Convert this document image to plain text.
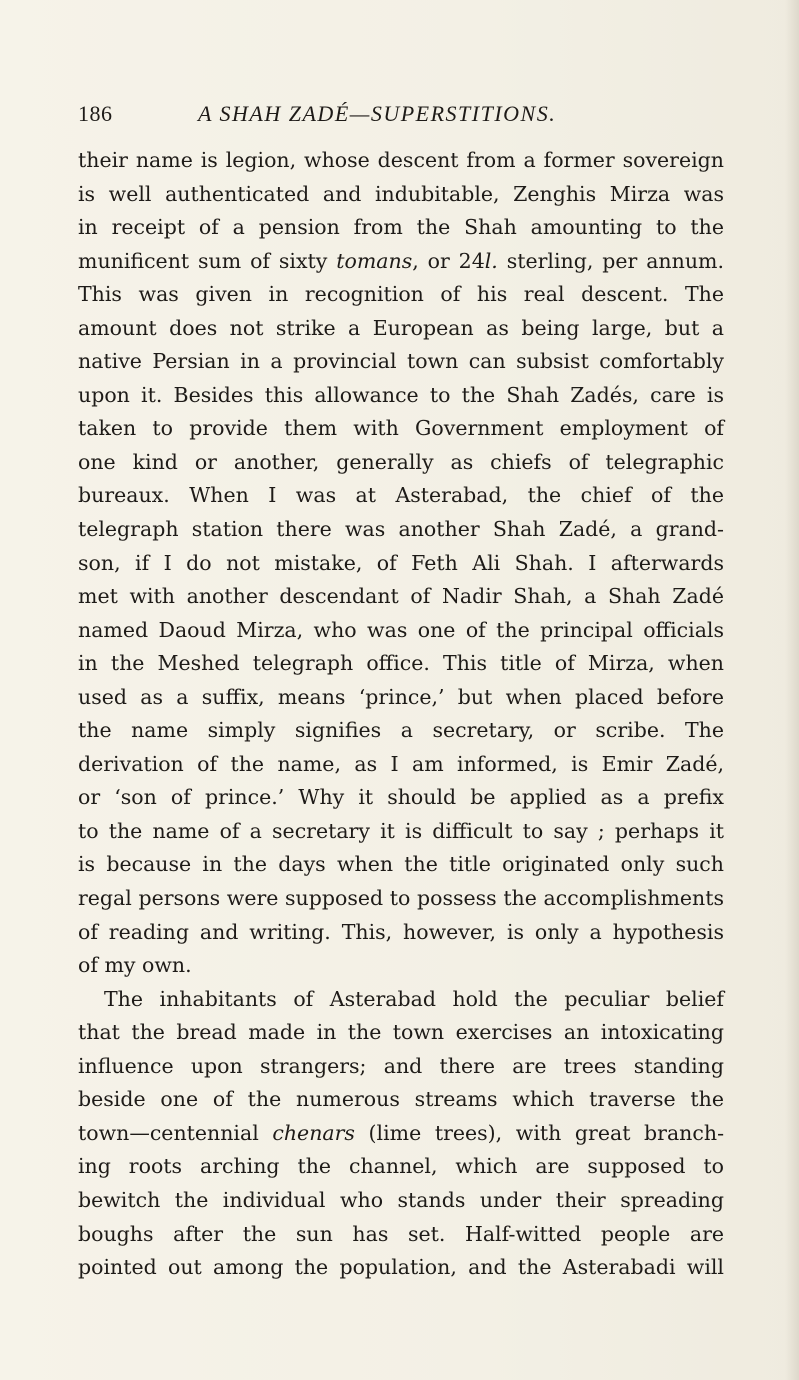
186	A SHAH ZADÉ—SUPERSTITIONS.
their name is legion, whose descent from a former sovereign
is well authenticated and indubitable, Zenghis Mirza was
in receipt of a pension from the Shah amounting to the
munificent sum of sixty tomans, or 24l. sterling, per annum.
This was given in recognition of his real descent. The
amount does not strike a European as being large, but a
native Persian in a provincial town can subsist comfortably
upon it. Besides this allowance to the Shah Zadés, care is
taken to provide them with Government employment of
one kind or another, generally as chiefs of telegraphic
bureaux. When I was at Asterabad, the chief of the
telegraph station there was another Shah Zadé, a grand-
son, if I do not mistake, of Feth Ali Shah. I afterwards
met with another descendant of Nadir Shah, a Shah Zadé
named Daoud Mirza, who was one of the principal officials
in the Meshed telegraph office. This title of Mirza, when
used as a suffix, means ‘prince,’ but when placed before
the name simply signifies a secretary, or scribe. The
derivation of the name, as I am informed, is Emir Zadé,
or ‘son of prince.’ Why it should be applied as a prefix
to the name of a secretary it is difficult to say ; perhaps it
is because in the days when the title originated only such
regal persons were supposed to possess the accomplishments
of reading and writing. This, however, is only a hypothesis
of my own.
The inhabitants of Asterabad hold the peculiar belief
that the bread made in the town exercises an intoxicating
influence upon strangers; and there are trees standing
beside one of the numerous streams which traverse the
town—centennial chenars (lime trees), with great branch-
ing roots arching the channel, which are supposed to
bewitch the individual who stands under their spreading
boughs after the sun has set. Half-witted people are
pointed out among the population, and the Asterabadi will
